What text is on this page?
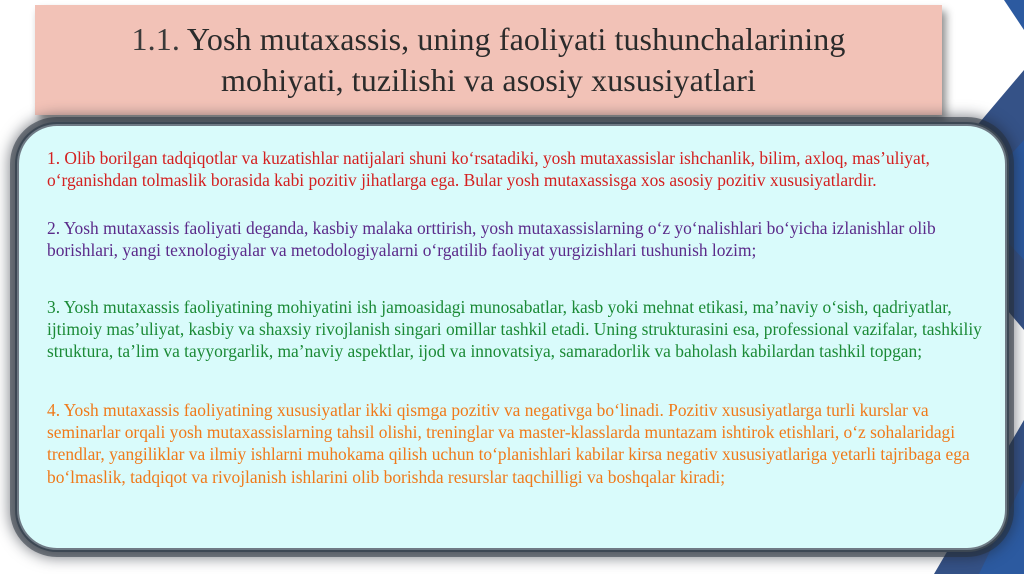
1.1. Yosh mutaxassis, uning faoliyati tushunchalarining
mohiyati, tuzilishi va asosiy xususiyatlari

1. Olib borilgan tadqiqotlar va kuzatishlar natijalari shuni ko‘rsatadiki, yosh mutaxassislar ishchanlik, bilim, axloq, mas’uliyat, o‘rganishdan tolmaslik borasida kabi pozitiv jihatlarga ega. Bular yosh mutaxassisga xos asosiy pozitiv xususiyatlardir.

2. Yosh mutaxassis faoliyati deganda, kasbiy malaka orttirish, yosh mutaxassislarning o‘z yo‘nalishlari bo‘yicha izlanishlar olib borishlari, yangi texnologiyalar va metodologiyalarni o‘rgatilib faoliyat yurgizishlari tushunish lozim;

3. Yosh mutaxassis faoliyatining mohiyatini ish jamoasidagi munosabatlar, kasb yoki mehnat etikasi, ma’naviy o‘sish, qadriyatlar, ijtimoiy mas’uliyat, kasbiy va shaxsiy rivojlanish singari omillar tashkil etadi. Uning strukturasini esa, professional vazifalar, tashkiliy struktura, ta’lim va tayyorgarlik, ma’naviy aspektlar, ijod va innovatsiya, samaradorlik va baholash kabilardan tashkil topgan;

4. Yosh mutaxassis faoliyatining xususiyatlar ikki qismga pozitiv va negativga bo‘linadi. Pozitiv xususiyatlarga turli kurslar va seminarlar orqali yosh mutaxassislarning tahsil olishi, treninglar va master-klasslarda muntazam ishtirok etishlari, o‘z sohalaridagi trendlar, yangiliklar va ilmiy ishlarni muhokama qilish uchun to‘planishlari kabilar kirsa negativ xususiyatlariga yetarli tajribaga ega bo‘lmaslik, tadqiqot va rivojlanish ishlarini olib borishda resurslar taqchilligi va boshqalar kiradi;
